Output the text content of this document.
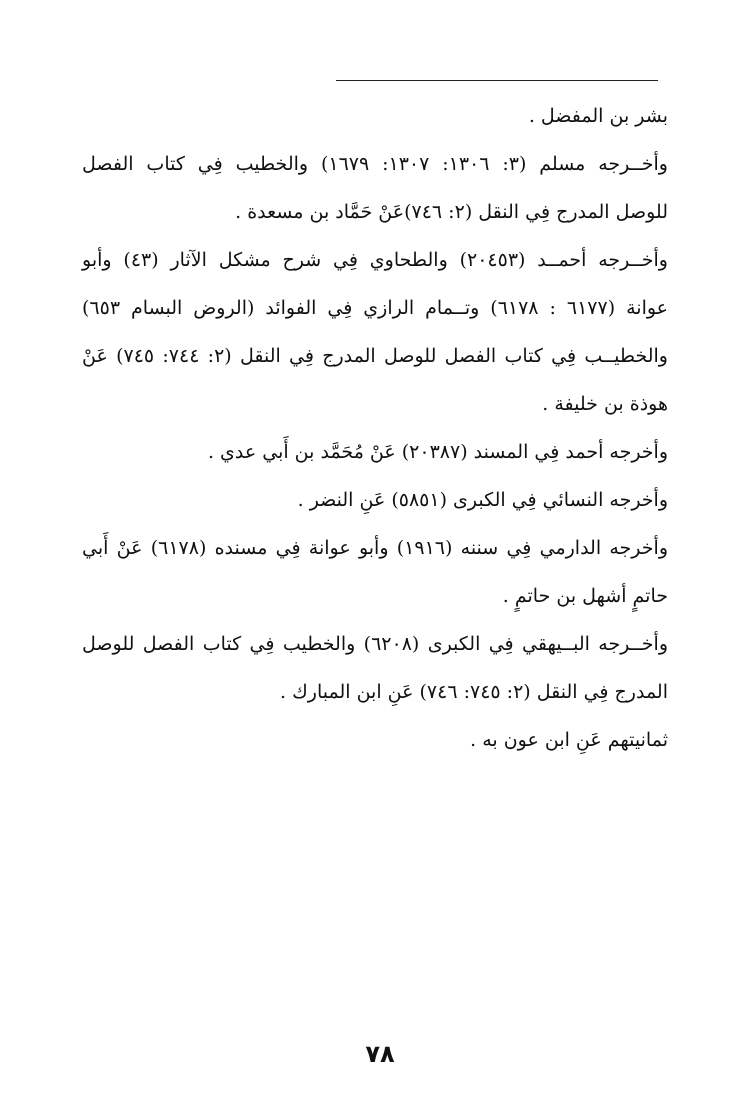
بشر بن المفضل .
وأخــرجه مسلم (٣: ١٣٠٦: ١٣٠٧: ١٦٧٩) والخطيب فِي كتاب الفصل
للوصل المدرج فِي النقل (٢: ٧٤٦)عَنْ حَمَّاد بن مسعدة .
وأخــرجه أحمــد (٢٠٤٥٣) والطحاوي فِي شرح مشكل الآثار (٤٣) وأبو
عوانة (٦١٧٧ : ٦١٧٨) وتــمام الرازي فِي الفوائد (الروض البسام ٦٥٣)
والخطيــب فِي كتاب الفصل للوصل المدرج فِي النقل (٢: ٧٤٤: ٧٤٥) عَنْ
هوذة بن خليفة .
وأخرجه أحمد فِي المسند (٢٠٣٨٧) عَنْ مُحَمَّد بن أَبي عدي .
وأخرجه النسائي فِي الكبرى (٥٨٥١) عَنِ النضر .
وأخرجه الدارمي فِي سننه (١٩١٦) وأبو عوانة فِي مسنده (٦١٧٨) عَنْ أَبي
حاتمٍ أشهل بن حاتمٍ .
وأخــرجه البــيهقي فِي الكبرى (٦٢٠٨) والخطيب فِي كتاب الفصل للوصل
المدرج فِي النقل (٢: ٧٤٥: ٧٤٦) عَنِ ابن المبارك .
ثمانيتهم عَنِ ابن عون به .
٧٨
